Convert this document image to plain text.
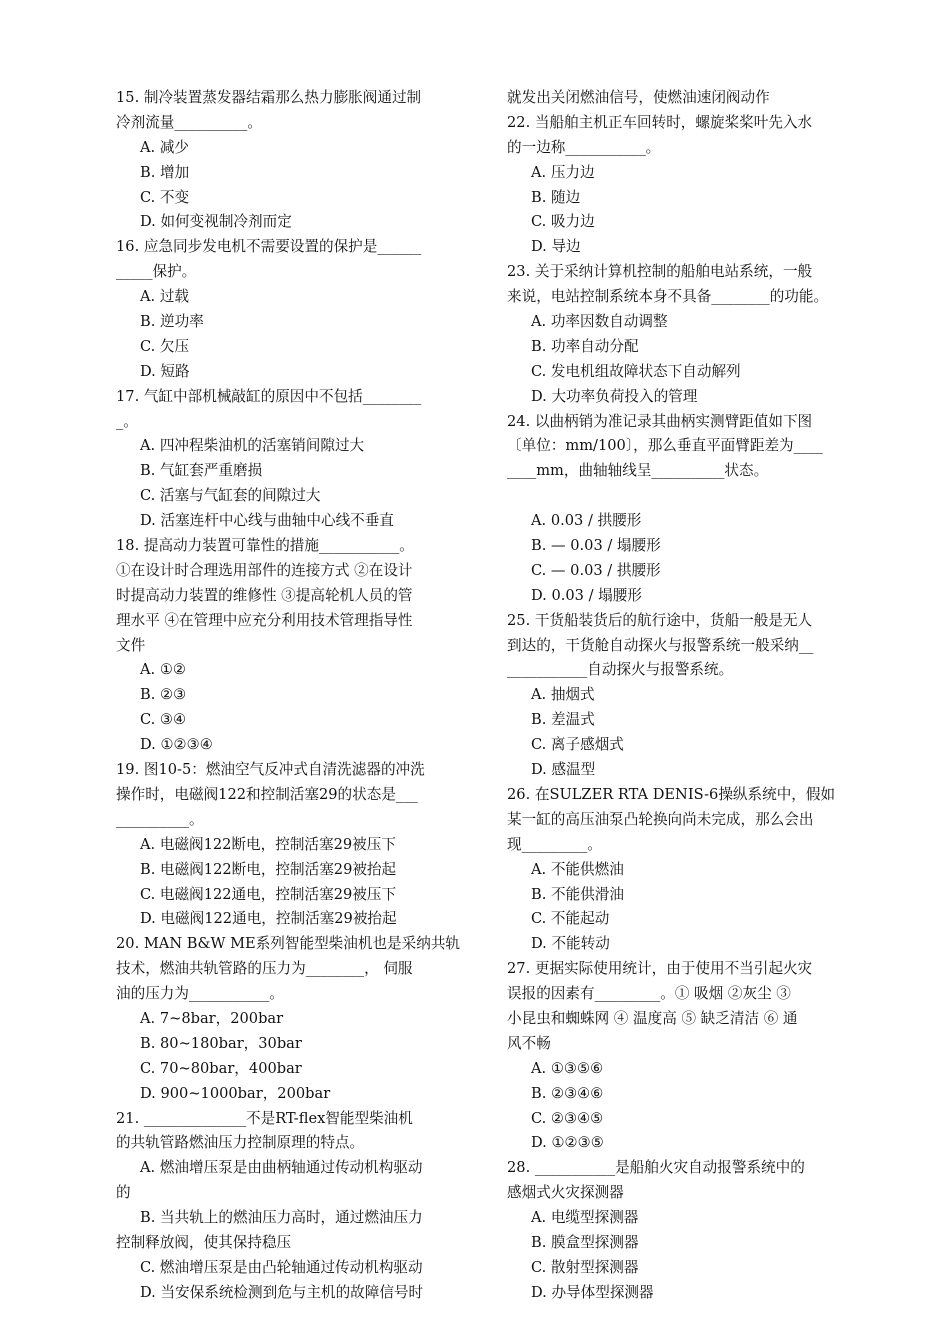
15. 制冷装置蒸发器结霜那么热力膨胀阀通过制
冷剂流量__________。
A. 减少
B. 增加
C. 不变
D. 如何变视制冷剂而定
16. 应急同步发电机不需要设置的保护是______
_____保护。
A. 过载
B. 逆功率
C. 欠压
D. 短路
17. 气缸中部机械敲缸的原因中不包括________
_。
A. 四冲程柴油机的活塞销间隙过大
B. 气缸套严重磨损
C. 活塞与气缸套的间隙过大
D. 活塞连杆中心线与曲轴中心线不垂直
18. 提高动力装置可靠性的措施___________。
①在设计时合理选用部件的连接方式 ②在设计
时提高动力装置的维修性 ③提高轮机人员的管
理水平 ④在管理中应充分利用技术管理指导性
文件
A. ①②
B. ②③
C. ③④
D. ①②③④
19. 图10-5：燃油空气反冲式自清洗滤器的冲洗
操作时，电磁阀122和控制活塞29的状态是___
__________。
A. 电磁阀122断电，控制活塞29被压下
B. 电磁阀122断电，控制活塞29被抬起
C. 电磁阀122通电，控制活塞29被压下
D. 电磁阀122通电，控制活塞29被抬起
20. MAN B&W ME系列智能型柴油机也是采纳共轨
技术，燃油共轨管路的压力为________， 伺服
油的压力为___________。
A. 7~8bar，200bar
B. 80~180bar，30bar
C. 70~80bar，400bar
D. 900~1000bar，200bar
21. ______________不是RT-flex智能型柴油机
的共轨管路燃油压力控制原理的特点。
A. 燃油增压泵是由曲柄轴通过传动机构驱动
的
B. 当共轨上的燃油压力高时，通过燃油压力
控制释放阀，使其保持稳压
C. 燃油增压泵是由凸轮轴通过传动机构驱动
D. 当安保系统检测到危与主机的故障信号时
就发出关闭燃油信号，使燃油速闭阀动作
22. 当船舶主机正车回转时，螺旋桨桨叶先入水
的一边称___________。
A. 压力边
B. 随边
C. 吸力边
D. 导边
23. 关于采纳计算机控制的船舶电站系统，一般
来说，电站控制系统本身不具备________的功能。
A. 功率因数自动调整
B. 功率自动分配
C. 发电机组故障状态下自动解列
D. 大功率负荷投入的管理
24. 以曲柄销为准记录其曲柄实测臂距值如下图
〔单位：mm/100〕，那么垂直平面臂距差为____
____mm，曲轴轴线呈__________状态。
A. 0.03 / 拱腰形
B. — 0.03 / 塌腰形
C. — 0.03 / 拱腰形
D. 0.03 / 塌腰形
25. 干货船装货后的航行途中，货船一般是无人
到达的，干货舱自动探火与报警系统一般采纳__
___________自动探火与报警系统。
A. 抽烟式
B. 差温式
C. 离子感烟式
D. 感温型
26. 在SULZER RTA DENIS-6操纵系统中，假如
某一缸的高压油泵凸轮换向尚未完成，那么会出
现_________。
A. 不能供燃油
B. 不能供滑油
C. 不能起动
D. 不能转动
27. 更据实际使用统计，由于使用不当引起火灾
误报的因素有_________。① 吸烟 ②灰尘 ③
小昆虫和蜘蛛网 ④ 温度高 ⑤ 缺乏清洁 ⑥ 通
风不畅
A. ①③⑤⑥
B. ②③④⑥
C. ②③④⑤
D. ①②③⑤
28. ___________是船舶火灾自动报警系统中的
感烟式火灾探测器
A. 电缆型探测器
B. 膜盒型探测器
C. 散射型探测器
D. 办导体型探测器
